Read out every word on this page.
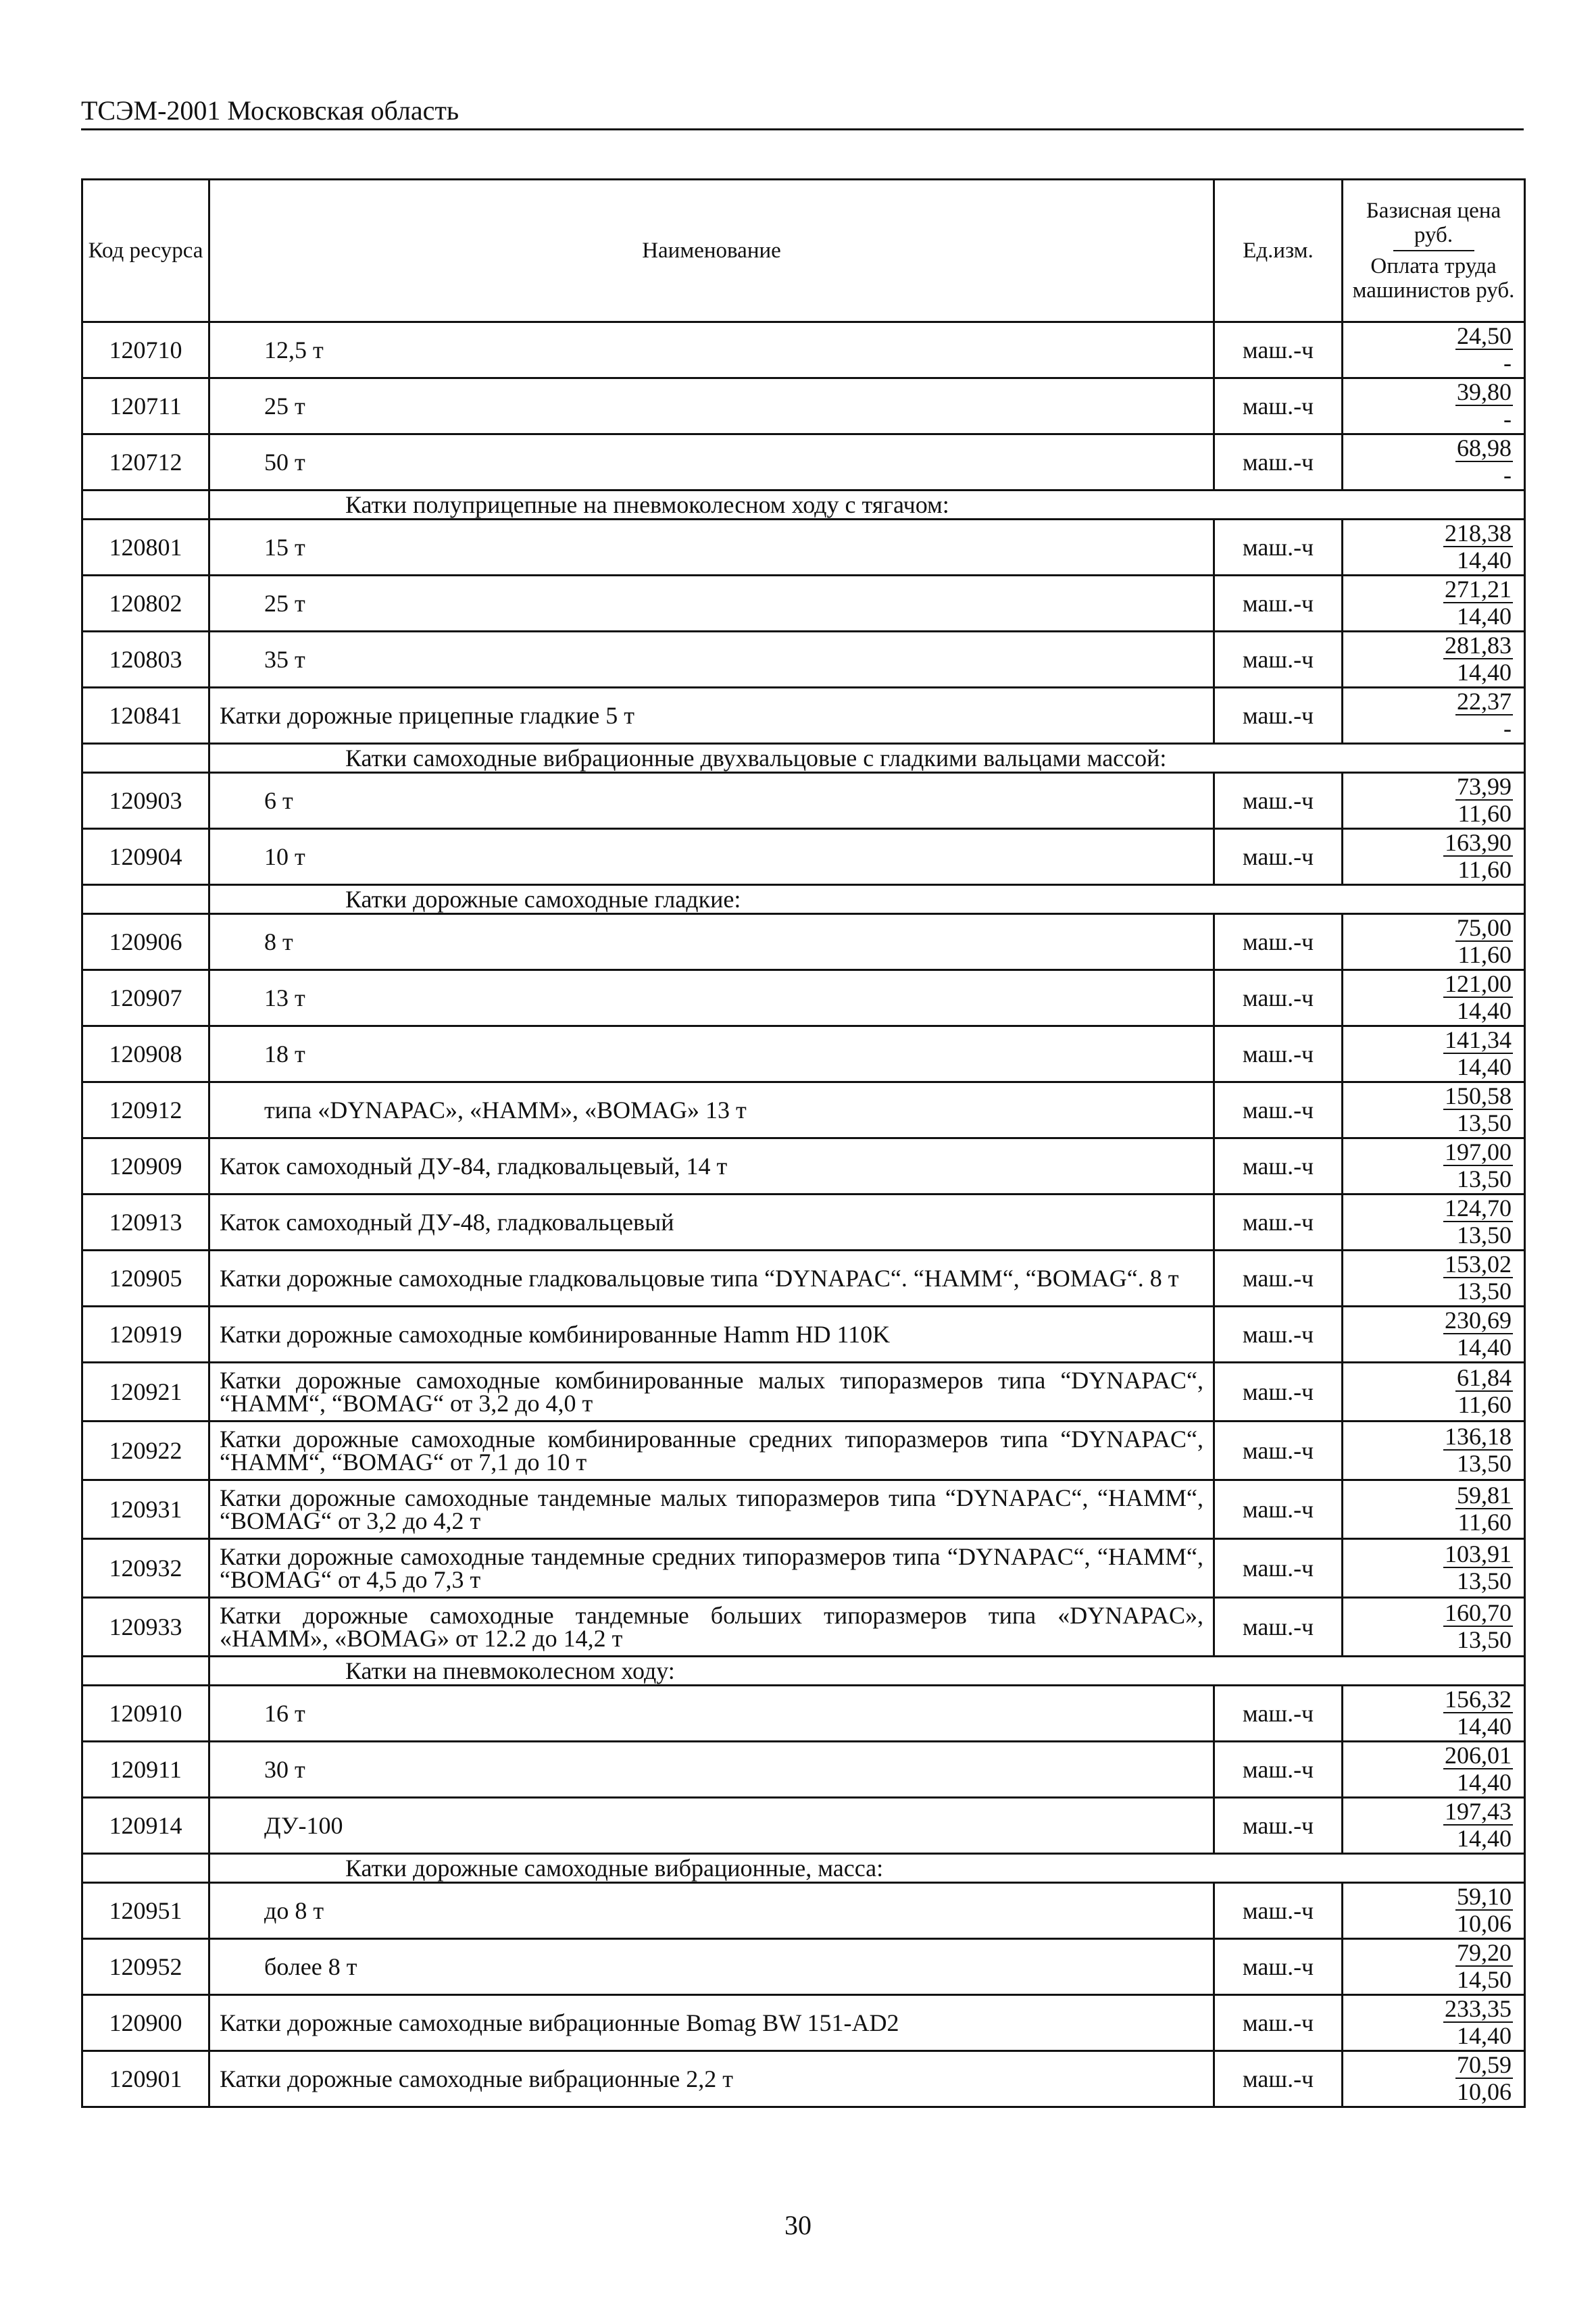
ТСЭМ-2001 Московская область
Код ресурса	Наименование	Ед.изм.	Базисная цена руб.
Оплата труда машинистов руб.

120710	12,5 т	маш.-ч	$\frac{24,50}{-}$

120711	25 т	маш.-ч	$\frac{39,80}{-}$

120712	50 т	маш.-ч	$\frac{68,98}{-}$

	Катки полуприцепные на пневмоколесном ходу с тягачом:		
120801	15 т	маш.-ч	$\frac{218,38}{14,40}$

120802	25 т	маш.-ч	$\frac{271,21}{14,40}$

120803	35 т	маш.-ч	$\frac{281,83}{14,40}$

120841	Катки дорожные прицепные гладкие 5 т	маш.-ч	$\frac{22,37}{-}$

	Катки самоходные вибрационные двухвальцовые с гладкими вальцами массой:		
120903	6 т	маш.-ч	$\frac{73,99}{11,60}$

120904	10 т	маш.-ч	$\frac{163,90}{11,60}$

	Катки дорожные самоходные гладкие:		
120906	8 т	маш.-ч	$\frac{75,00}{11,60}$

120907	13 т	маш.-ч	$\frac{121,00}{14,40}$

120908	18 т	маш.-ч	$\frac{141,34}{14,40}$

120912	типа «DYNAPAC», «HAMM», «BOMAG» 13 т	маш.-ч	$\frac{150,58}{13,50}$

120909	Каток самоходный ДУ-84, гладковальцевый, 14 т	маш.-ч	$\frac{197,00}{13,50}$

120913	Каток самоходный ДУ-48, гладковальцевый	маш.-ч	$\frac{124,70}{13,50}$

120905	Катки дорожные самоходные гладковальцовые типа “DYNAPAC“. “HAMM“, “BOMAG“. 8 т	маш.-ч	$\frac{153,02}{13,50}$

120919	Катки дорожные самоходные комбинированные Hamm HD 110K	маш.-ч	$\frac{230,69}{14,40}$

120921	Катки дорожные самоходные комбинированные малых типоразмеров типа “DYNAPAC“, “HAMM“, “BOMAG“ от 3,2 до 4,0 т	маш.-ч	$\frac{61,84}{11,60}$

120922	Катки дорожные самоходные комбинированные средних типоразмеров типа “DYNAPAC“, “HAMM“, “BOMAG“ от 7,1 до 10 т	маш.-ч	$\frac{136,18}{13,50}$

120931	Катки дорожные самоходные тандемные малых типоразмеров типа “DYNAPAC“, “HAMM“, “BOMAG“ от 3,2 до 4,2 т	маш.-ч	$\frac{59,81}{11,60}$

120932	Катки дорожные самоходные тандемные средних типоразмеров типа “DYNAPAC“, “HAMM“, “BOMAG“ от 4,5 до 7,3 т	маш.-ч	$\frac{103,91}{13,50}$

120933	Катки дорожные самоходные тандемные больших типоразмеров типа «DYNAPAC», «HAMM», «BOMAG» от 12.2 до 14,2 т	маш.-ч	$\frac{160,70}{13,50}$

	Катки на пневмоколесном ходу:		
120910	16 т	маш.-ч	$\frac{156,32}{14,40}$

120911	30 т	маш.-ч	$\frac{206,01}{14,40}$

120914	ДУ-100	маш.-ч	$\frac{197,43}{14,40}$

	Катки дорожные самоходные вибрационные, масса:		
120951	до 8 т	маш.-ч	$\frac{59,10}{10,06}$

120952	более 8 т	маш.-ч	$\frac{79,20}{14,50}$

120900	Катки дорожные самоходные вибрационные Bomag BW 151-AD2	маш.-ч	$\frac{233,35}{14,40}$

120901	Катки дорожные самоходные вибрационные 2,2 т	маш.-ч	$\frac{70,59}{10,06}$
30
